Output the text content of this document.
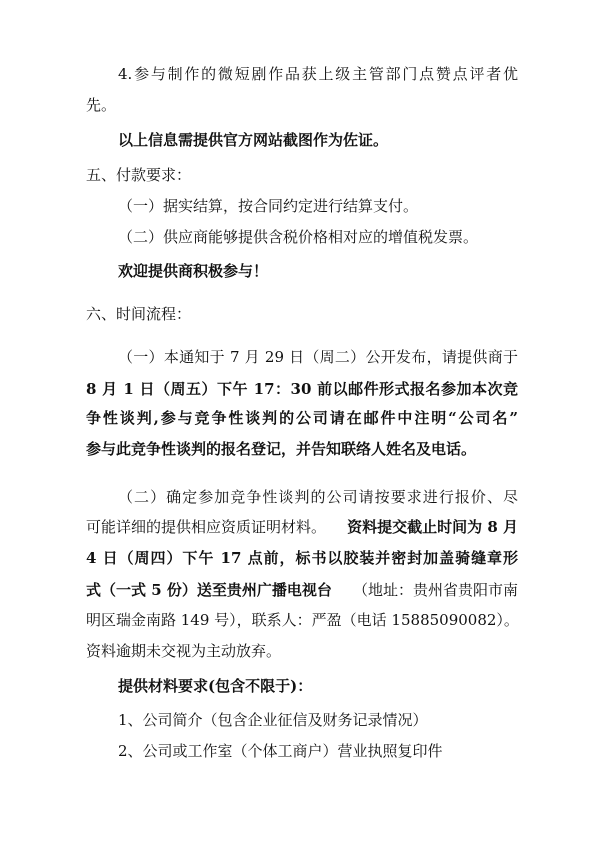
4.参与制作的微短剧作品获上级主管部门点赞点评者优
先。
以上信息需提供官方网站截图作为佐证。
五、付款要求：
（一）据实结算，按合同约定进行结算支付。
（二）供应商能够提供含税价格相对应的增值税发票。
欢迎提供商积极参与！
六、时间流程：
（一）本通知于 7 月 29 日（周二）公开发布，请提供商于
8 月 1 日（周五）下午 17：30 前以邮件形式报名参加本次竞
争性谈判,参与竞争性谈判的公司请在邮件中注明“公司名”
参与此竞争性谈判的报名登记，并告知联络人姓名及电话。
（二）确定参加竞争性谈判的公司请按要求进行报价、尽
可能详细的提供相应资质证明材料。 资料提交截止时间为 8 月
4 日（周四）下午 17 点前，标书以胶装并密封加盖骑缝章形
式（一式 5 份）送至贵州广播电视台 （地址：贵州省贵阳市南
明区瑞金南路 149 号），联系人：严盈（电话 15885090082）。
资料逾期未交视为主动放弃。
提供材料要求(包含不限于)：
1、公司简介（包含企业征信及财务记录情况）
2、公司或工作室（个体工商户）营业执照复印件
